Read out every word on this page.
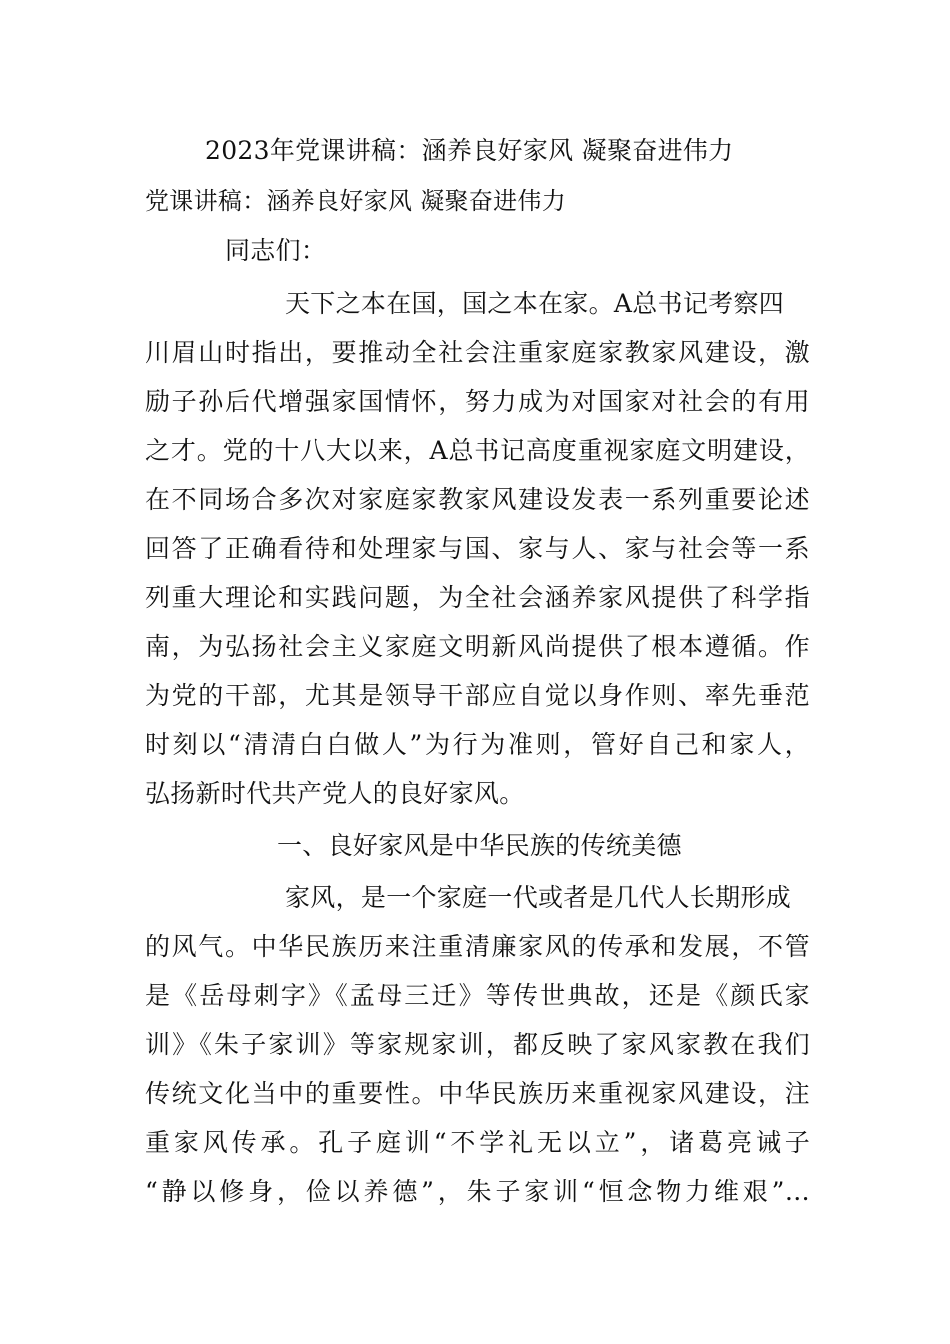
2023年党课讲稿：涵养良好家风 凝聚奋进伟力
党课讲稿：涵养良好家风 凝聚奋进伟力
同志们：
天下之本在国，国之本在家。A总书记考察四
川眉山时指出，要推动全社会注重家庭家教家风建设，激
励子孙后代增强家国情怀，努力成为对国家对社会的有用
之才。党的十八大以来，A总书记高度重视家庭文明建设，
在不同场合多次对家庭家教家风建设发表一系列重要论述
回答了正确看待和处理家与国、家与人、家与社会等一系
列重大理论和实践问题，为全社会涵养家风提供了科学指
南，为弘扬社会主义家庭文明新风尚提供了根本遵循。作
为党的干部，尤其是领导干部应自觉以身作则、率先垂范
时刻以“清清白白做人”为行为准则，管好自己和家人，
弘扬新时代共产党人的良好家风。
一、良好家风是中华民族的传统美德
家风，是一个家庭一代或者是几代人长期形成
的风气。中华民族历来注重清廉家风的传承和发展，不管
是《岳母刺字》《孟母三迁》等传世典故，还是《颜氏家
训》《朱子家训》等家规家训，都反映了家风家教在我们
传统文化当中的重要性。中华民族历来重视家风建设，注
重家风传承。孔子庭训“不学礼无以立”，诸葛亮诫子
“静以修身，俭以养德”，朱子家训“恒念物力维艰”…
